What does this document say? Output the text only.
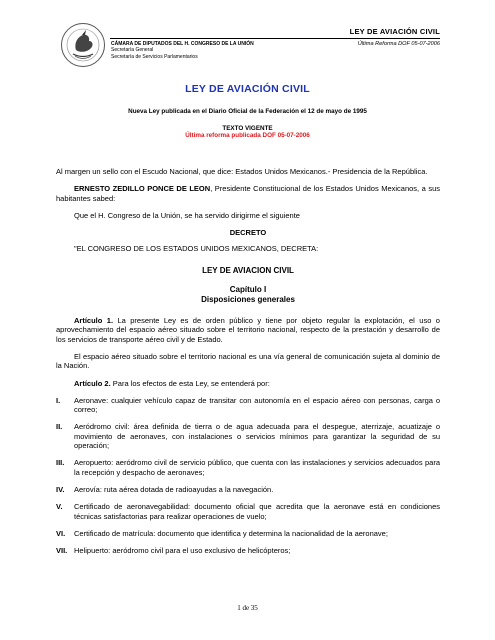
LEY DE AVIACIÓN CIVIL
CÁMARA DE DIPUTADOS DEL H. CONGRESO DE LA UNIÓN
Secretaría General
Secretaría de Servicios Parlamentarios
Última Reforma DOF 05-07-2006
LEY DE AVIACIÓN CIVIL
Nueva Ley publicada en el Diario Oficial de la Federación el 12 de mayo de 1995
TEXTO VIGENTE
Última reforma publicada DOF 05-07-2006

Al margen un sello con el Escudo Nacional, que dice: Estados Unidos Mexicanos.- Presidencia de la República.

ERNESTO ZEDILLO PONCE DE LEON, Presidente Constitucional de los Estados Unidos Mexicanos, a sus habitantes sabed:

Que el H. Congreso de la Unión, se ha servido dirigirme el siguiente

DECRETO

"EL CONGRESO DE LOS ESTADOS UNIDOS MEXICANOS, DECRETA:

LEY DE AVIACION CIVIL

Capítulo I
Disposiciones generales

Artículo 1. La presente Ley es de orden público y tiene por objeto regular la explotación, el uso o aprovechamiento del espacio aéreo situado sobre el territorio nacional, respecto de la prestación y desarrollo de los servicios de transporte aéreo civil y de Estado.

El espacio aéreo situado sobre el territorio nacional es una vía general de comunicación sujeta al dominio de la Nación.

Artículo 2. Para los efectos de esta Ley, se entenderá por:

I.	Aeronave: cualquier vehículo capaz de transitar con autonomía en el espacio aéreo con personas, carga o correo;
II.	Aeródromo civil: área definida de tierra o de agua adecuada para el despegue, aterrizaje, acuatizaje o movimiento de aeronaves, con instalaciones o servicios mínimos para garantizar la seguridad de su operación;
III.	Aeropuerto: aeródromo civil de servicio público, que cuenta con las instalaciones y servicios adecuados para la recepción y despacho de aeronaves;
IV.	Aerovía: ruta aérea dotada de radioayudas a la navegación.
V.	Certificado de aeronavegabilidad: documento oficial que acredita que la aeronave está en condiciones técnicas satisfactorias para realizar operaciones de vuelo;
VI.	Certificado de matrícula: documento que identifica y determina la nacionalidad de la aeronave;
VII. Helipuerto: aeródromo civil para el uso exclusivo de helicópteros;
1 de 35
